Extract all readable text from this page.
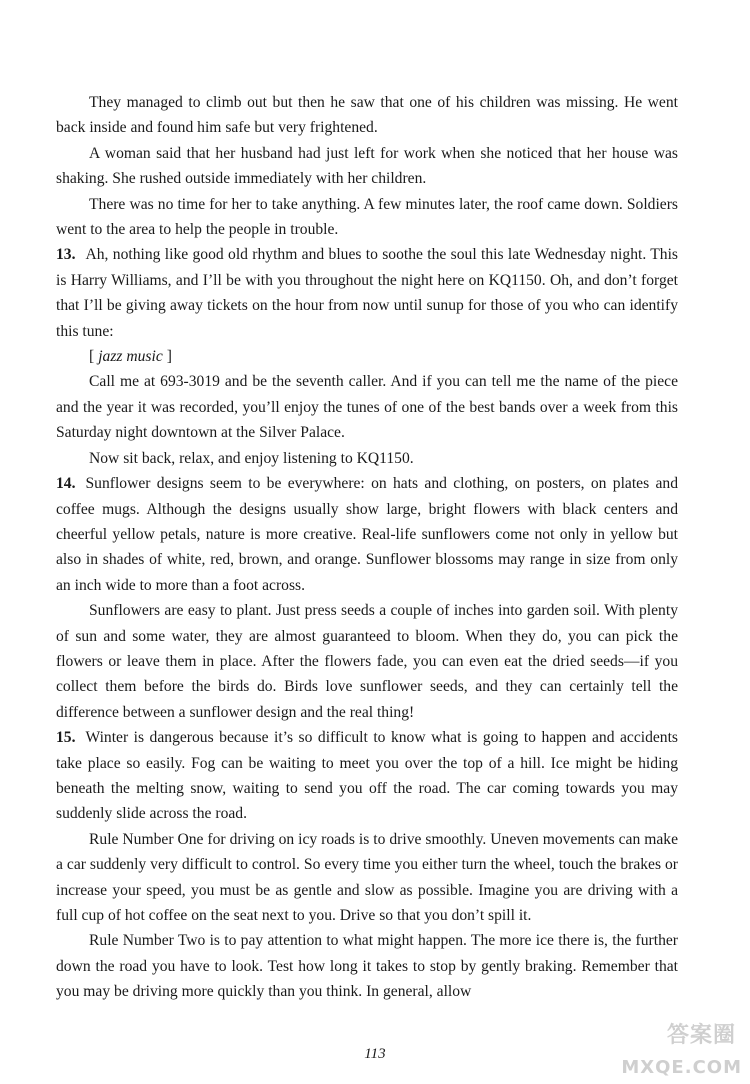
They managed to climb out but then he saw that one of his children was missing. He went back inside and found him safe but very frightened.

A woman said that her husband had just left for work when she noticed that her house was shaking. She rushed outside immediately with her children.

There was no time for her to take anything. A few minutes later, the roof came down. Soldiers went to the area to help the people in trouble.

13. Ah, nothing like good old rhythm and blues to soothe the soul this late Wednesday night. This is Harry Williams, and I’ll be with you throughout the night here on KQ1150. Oh, and don’t forget that I’ll be giving away tickets on the hour from now until sunup for those of you who can identify this tune:

[ jazz music ]

Call me at 693-3019 and be the seventh caller. And if you can tell me the name of the piece and the year it was recorded, you’ll enjoy the tunes of one of the best bands over a week from this Saturday night downtown at the Silver Palace.

Now sit back, relax, and enjoy listening to KQ1150.

14. Sunflower designs seem to be everywhere: on hats and clothing, on posters, on plates and coffee mugs. Although the designs usually show large, bright flowers with black centers and cheerful yellow petals, nature is more creative. Real-life sunflowers come not only in yellow but also in shades of white, red, brown, and orange. Sunflower blossoms may range in size from only an inch wide to more than a foot across.

Sunflowers are easy to plant. Just press seeds a couple of inches into garden soil. With plenty of sun and some water, they are almost guaranteed to bloom. When they do, you can pick the flowers or leave them in place. After the flowers fade, you can even eat the dried seeds—if you collect them before the birds do. Birds love sunflower seeds, and they can certainly tell the difference between a sunflower design and the real thing!

15. Winter is dangerous because it’s so difficult to know what is going to happen and accidents take place so easily. Fog can be waiting to meet you over the top of a hill. Ice might be hiding beneath the melting snow, waiting to send you off the road. The car coming towards you may suddenly slide across the road.

Rule Number One for driving on icy roads is to drive smoothly. Uneven movements can make a car suddenly very difficult to control. So every time you either turn the wheel, touch the brakes or increase your speed, you must be as gentle and slow as possible. Imagine you are driving with a full cup of hot coffee on the seat next to you. Drive so that you don’t spill it.

Rule Number Two is to pay attention to what might happen. The more ice there is, the further down the road you have to look. Test how long it takes to stop by gently braking. Remember that you may be driving more quickly than you think. In general, allow

113
答案圈
MXQE.COM
